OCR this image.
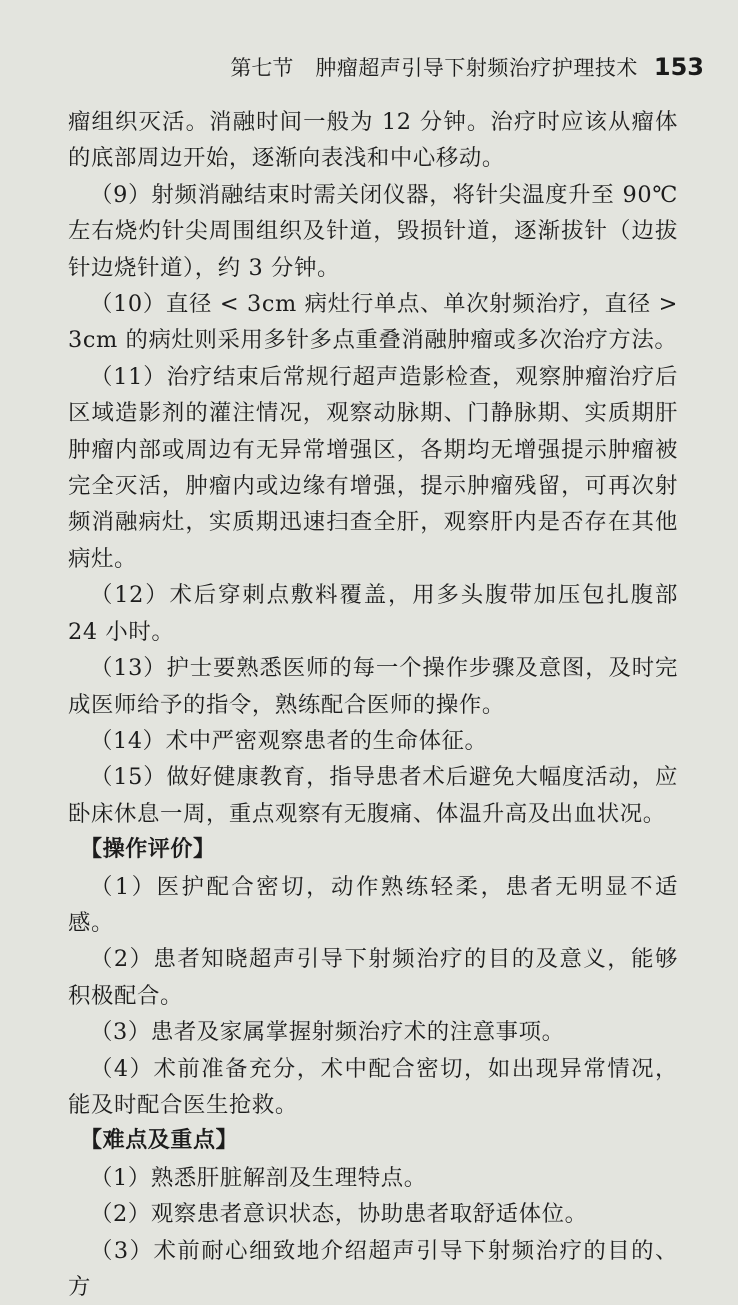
第七节 肿瘤超声引导下射频治疗护理技术 153

瘤组织灭活。消融时间一般为 12 分钟。治疗时应该从瘤体的底部周边开始，逐渐向表浅和中心移动。

（9）射频消融结束时需关闭仪器，将针尖温度升至 90℃ 左右烧灼针尖周围组织及针道，毁损针道，逐渐拔针（边拔针边烧针道），约 3 分钟。

（10）直径 < 3cm 病灶行单点、单次射频治疗，直径 > 3cm 的病灶则采用多针多点重叠消融肿瘤或多次治疗方法。

（11）治疗结束后常规行超声造影检查，观察肿瘤治疗后区域造影剂的灌注情况，观察动脉期、门静脉期、实质期肝肿瘤内部或周边有无异常增强区，各期均无增强提示肿瘤被完全灭活，肿瘤内或边缘有增强，提示肿瘤残留，可再次射频消融病灶，实质期迅速扫查全肝，观察肝内是否存在其他病灶。

（12）术后穿刺点敷料覆盖，用多头腹带加压包扎腹部 24 小时。

（13）护士要熟悉医师的每一个操作步骤及意图，及时完成医师给予的指令，熟练配合医师的操作。

（14）术中严密观察患者的生命体征。

（15）做好健康教育，指导患者术后避免大幅度活动，应卧床休息一周，重点观察有无腹痛、体温升高及出血状况。

【操作评价】

（1）医护配合密切，动作熟练轻柔，患者无明显不适感。

（2）患者知晓超声引导下射频治疗的目的及意义，能够积极配合。

（3）患者及家属掌握射频治疗术的注意事项。

（4）术前准备充分，术中配合密切，如出现异常情况，能及时配合医生抢救。

【难点及重点】

（1）熟悉肝脏解剖及生理特点。

（2）观察患者意识状态，协助患者取舒适体位。

（3）术前耐心细致地介绍超声引导下射频治疗的目的、方
